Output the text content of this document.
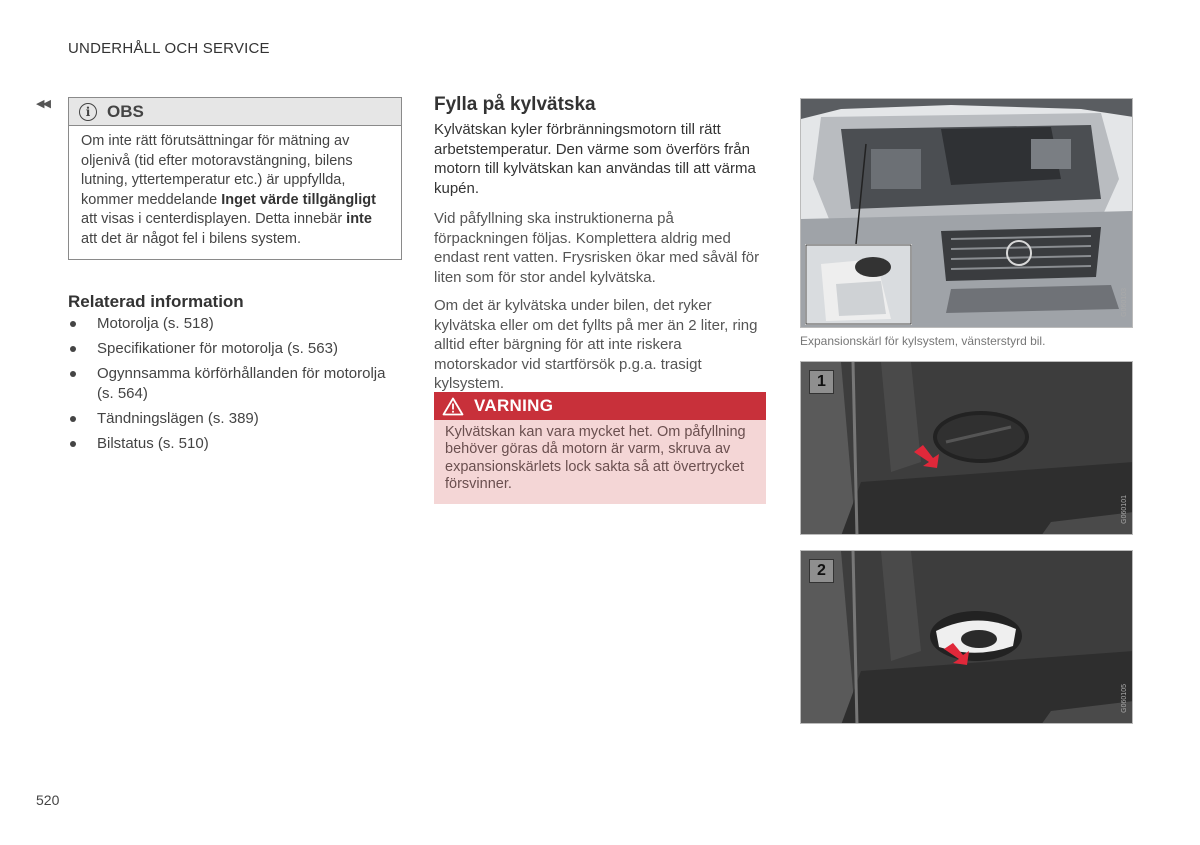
UNDERHÅLL OCH SERVICE
◀◀
i OBS
Om inte rätt förutsättningar för mätning av oljenivå (tid efter motoravstängning, bilens lutning, yttertemperatur etc.) är uppfyllda, kommer meddelande Inget värde tillgängligt att visas i centerdisplayen. Detta innebär inte att det är något fel i bilens system.
Relaterad information
Motorolja (s. 518)
Specifikationer för motorolja (s. 563)
Ogynnsamma körförhållanden för motorolja (s. 564)
Tändningslägen (s. 389)
Bilstatus (s. 510)
Fylla på kylvätska
Kylvätskan kyler förbränningsmotorn till rätt arbetstemperatur. Den värme som överförs från motorn till kylvätskan kan användas till att värma kupén.
Vid påfyllning ska instruktionerna på förpackningen följas. Komplettera aldrig med endast rent vatten. Frysrisken ökar med såväl för liten som för stor andel kylvätska.
Om det är kylvätska under bilen, det ryker kylvätska eller om det fyllts på mer än 2 liter, ring alltid efter bärgning för att inte riskera motorskador vid startförsök p.g.a. trasigt kylsystem.
VARNING
Kylvätskan kan vara mycket het. Om påfyllning behöver göras då motorn är varm, skruva av expansionskärlets lock sakta så att övertrycket försvinner.
G060103
Expansionskärl för kylsystem, vänsterstyrd bil.
1
G060101
2
G060105
520
